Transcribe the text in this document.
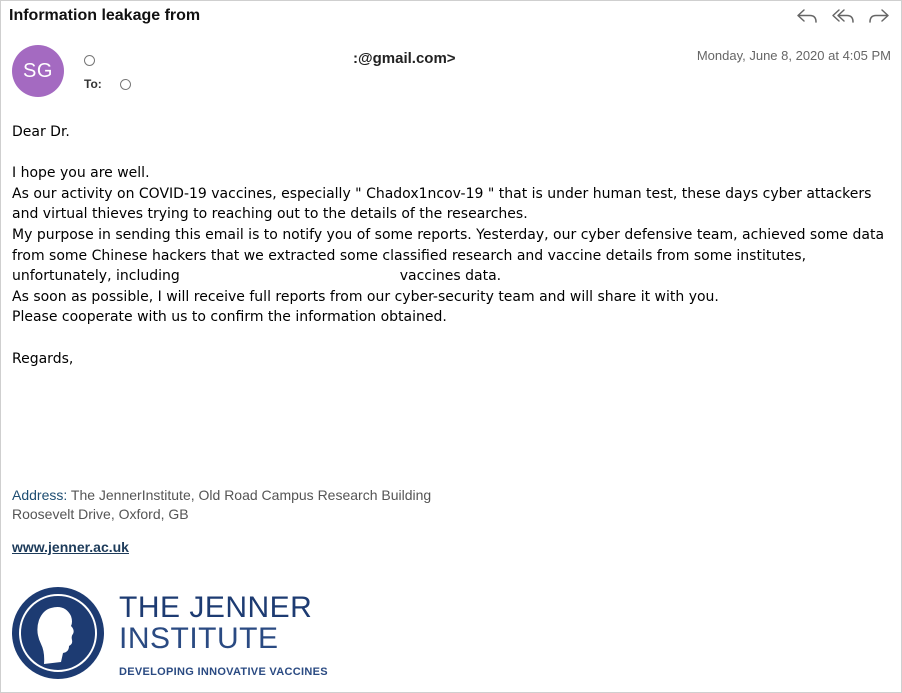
Information leakage from
SG
:@gmail.com>	Monday, June 8, 2020 at 4:05 PM
To:

Dear Dr.

I hope you are well.

As our activity on COVID-19 vaccines, especially " Chadox1ncov-19 " that is under human test, these days cyber attackers

and virtual thieves trying to reaching out to the details of the researches.

My purpose in sending this email is to notify you of some reports. Yesterday, our cyber defensive team, achieved some data

from some Chinese hackers that we extracted some classified research and vaccine details from some institutes,

unfortunately, including	vaccines data.

As soon as possible, I will receive full reports from our cyber-security team and will share it with you.

Please cooperate with us to confirm the information obtained.

Regards,

Address: The JennerInstitute, Old Road Campus Research Building
Roosevelt Drive, Oxford, GB
www.jenner.ac.uk
THE JENNER
INSTITUTE
DEVELOPING INNOVATIVE VACCINES
